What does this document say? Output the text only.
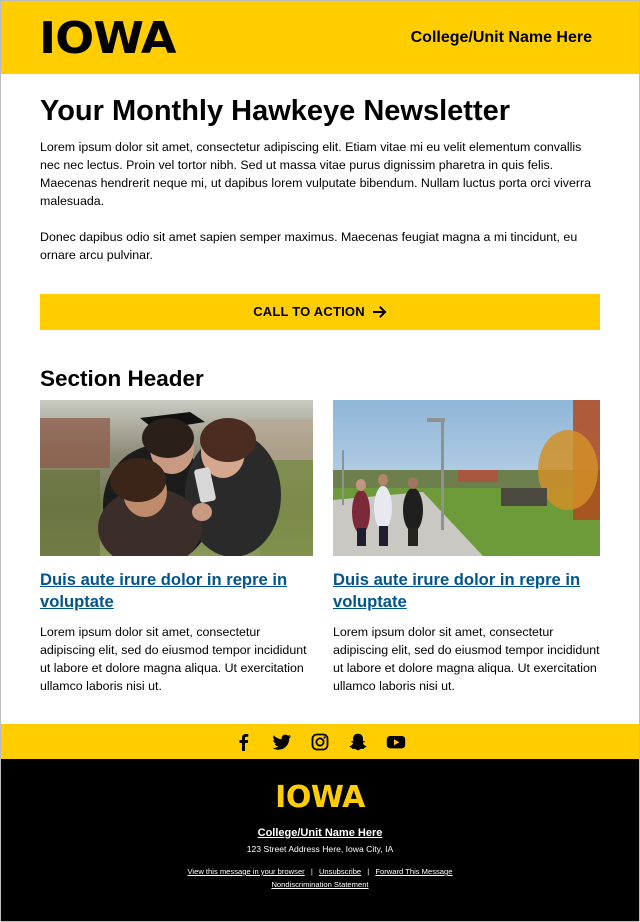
IOWA	College/Unit Name Here
Your Monthly Hawkeye Newsletter

Lorem ipsum dolor sit amet, consectetur adipiscing elit. Etiam vitae mi eu velit elementum convallis nec nec lectus. Proin vel tortor nibh. Sed ut massa vitae purus dignissim pharetra in quis felis. Maecenas hendrerit neque mi, ut dapibus lorem vulputate bibendum. Nullam luctus porta orci viverra malesuada.

Donec dapibus odio sit amet sapien semper maximus. Maecenas feugiat magna a mi tincidunt, eu ornare arcu pulvinar.

CALL TO ACTION
Section Header
Duis aute irure dolor in repre in voluptate

Lorem ipsum dolor sit amet, consectetur adipiscing elit, sed do eiusmod tempor incididunt ut labore et dolore magna aliqua. Ut exercitation ullamco laboris nisi ut.

Duis aute irure dolor in repre in voluptate

Lorem ipsum dolor sit amet, consectetur adipiscing elit, sed do eiusmod tempor incididunt ut labore et dolore magna aliqua. Ut exercitation ullamco laboris nisi ut.

IOWA
College/Unit Name Here
123 Street Address Here, Iowa City, IA
View this message in your browser | Unsubscribe | Forward This Message
Nondiscrimination Statement
